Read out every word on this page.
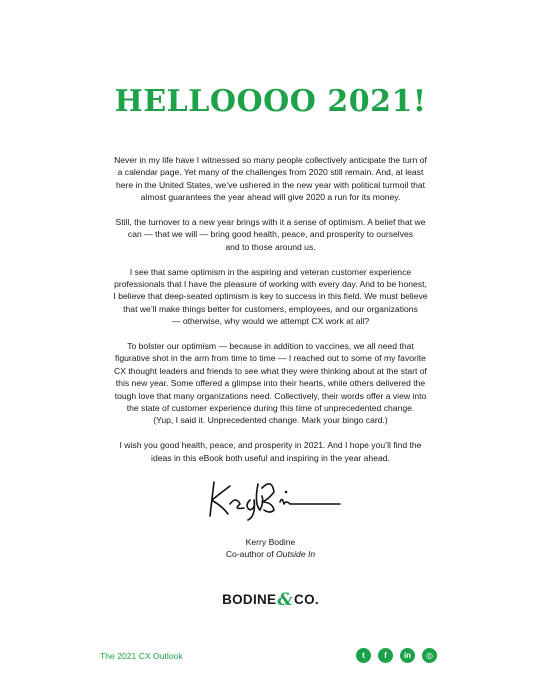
HELLOOOO 2021!

Never in my life have I witnessed so many people collectively anticipate the turn of
a calendar page. Yet many of the challenges from 2020 still remain. And, at least
here in the United States, we’ve ushered in the new year with political turmoil that
almost guarantees the year ahead will give 2020 a run for its money.

Still, the turnover to a new year brings with it a sense of optimism. A belief that we
can — that we will — bring good health, peace, and prosperity to ourselves
and to those around us.

I see that same optimism in the aspiring and veteran customer experience
professionals that I have the pleasure of working with every day. And to be honest,
I believe that deep-seated optimism is key to success in this field. We must believe
that we’ll make things better for customers, employees, and our organizations
— otherwise, why would we attempt CX work at all?

To bolster our optimism — because in addition to vaccines, we all need that
figurative shot in the arm from time to time — I reached out to some of my favorite
CX thought leaders and friends to see what they were thinking about at the start of
this new year. Some offered a glimpse into their hearts, while others delivered the
tough love that many organizations need. Collectively, their words offer a view into
the state of customer experience during this time of unprecedented change.
(Yup, I said it. Unprecedented change. Mark your bingo card.)

I wish you good health, peace, and prosperity in 2021. And I hope you’ll find the
ideas in this eBook both useful and inspiring in the year ahead.

Kerry Bodine
Co-author of Outside In
BODINE&CO.
The 2021 CX Outlook	t	f	in	◎
